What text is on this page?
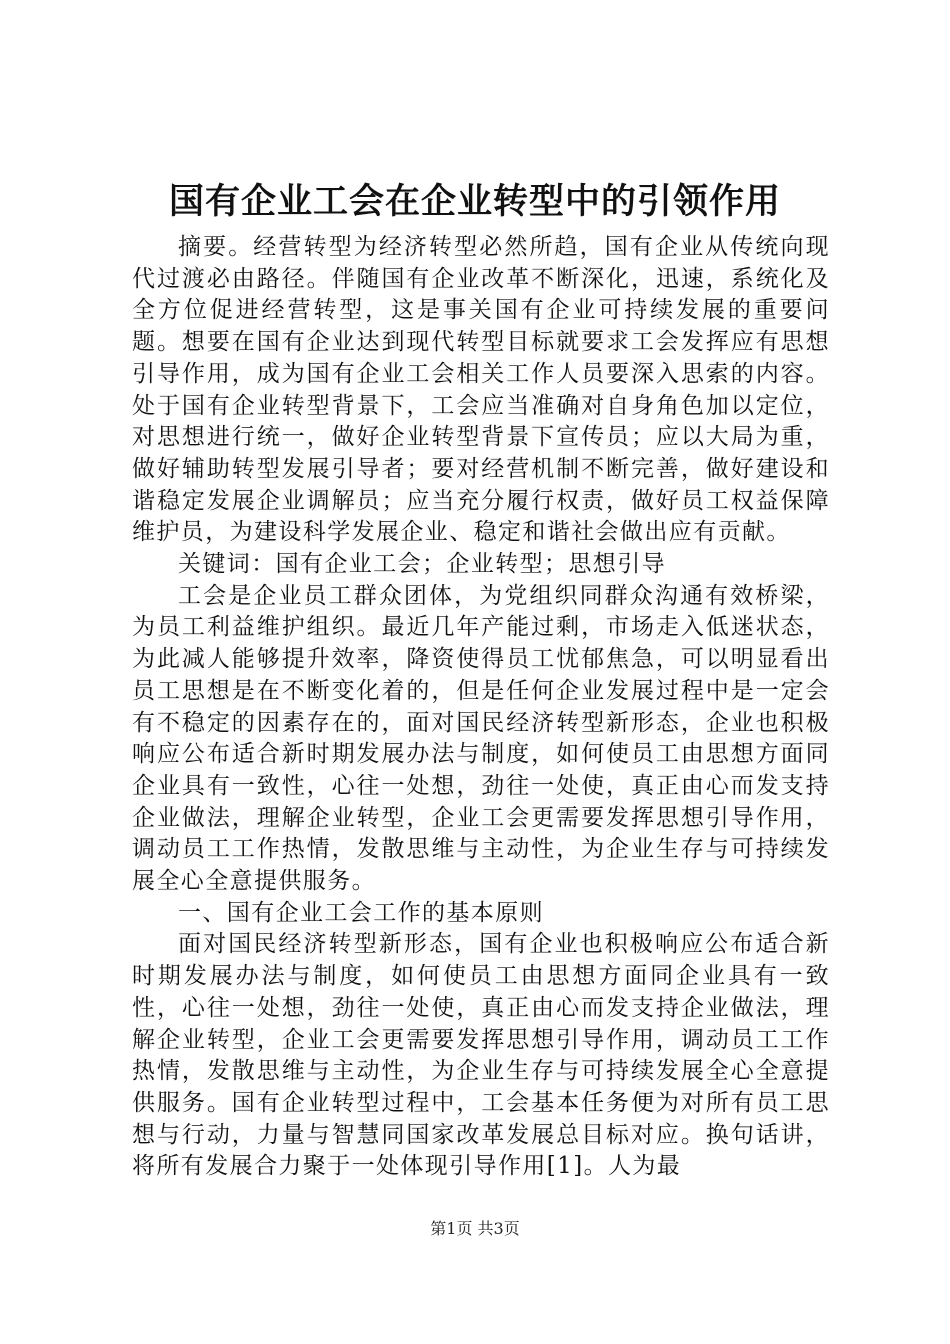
国有企业工会在企业转型中的引领作用

摘要。经营转型为经济转型必然所趋，国有企业从传统向现代过渡必由路径。伴随国有企业改革不断深化，迅速，系统化及全方位促进经营转型，这是事关国有企业可持续发展的重要问题。想要在国有企业达到现代转型目标就要求工会发挥应有思想引导作用，成为国有企业工会相关工作人员要深入思索的内容。处于国有企业转型背景下，工会应当准确对自身角色加以定位，对思想进行统一，做好企业转型背景下宣传员；应以大局为重，做好辅助转型发展引导者；要对经营机制不断完善，做好建设和谐稳定发展企业调解员；应当充分履行权责，做好员工权益保障维护员，为建设科学发展企业、稳定和谐社会做出应有贡献。

关键词：国有企业工会；企业转型；思想引导

工会是企业员工群众团体，为党组织同群众沟通有效桥梁，为员工利益维护组织。最近几年产能过剩，市场走入低迷状态，为此减人能够提升效率，降资使得员工忧郁焦急，可以明显看出员工思想是在不断变化着的，但是任何企业发展过程中是一定会有不稳定的因素存在的，面对国民经济转型新形态，企业也积极响应公布适合新时期发展办法与制度，如何使员工由思想方面同企业具有一致性，心往一处想，劲往一处使，真正由心而发支持企业做法，理解企业转型，企业工会更需要发挥思想引导作用，调动员工工作热情，发散思维与主动性，为企业生存与可持续发展全心全意提供服务。

一、国有企业工会工作的基本原则

面对国民经济转型新形态，国有企业也积极响应公布适合新时期发展办法与制度，如何使员工由思想方面同企业具有一致性，心往一处想，劲往一处使，真正由心而发支持企业做法，理解企业转型，企业工会更需要发挥思想引导作用，调动员工工作热情，发散思维与主动性，为企业生存与可持续发展全心全意提供服务。国有企业转型过程中，工会基本任务便为对所有员工思想与行动，力量与智慧同国家改革发展总目标对应。换句话讲，将所有发展合力聚于一处体现引导作用[1]。人为最

第1页 共3页
